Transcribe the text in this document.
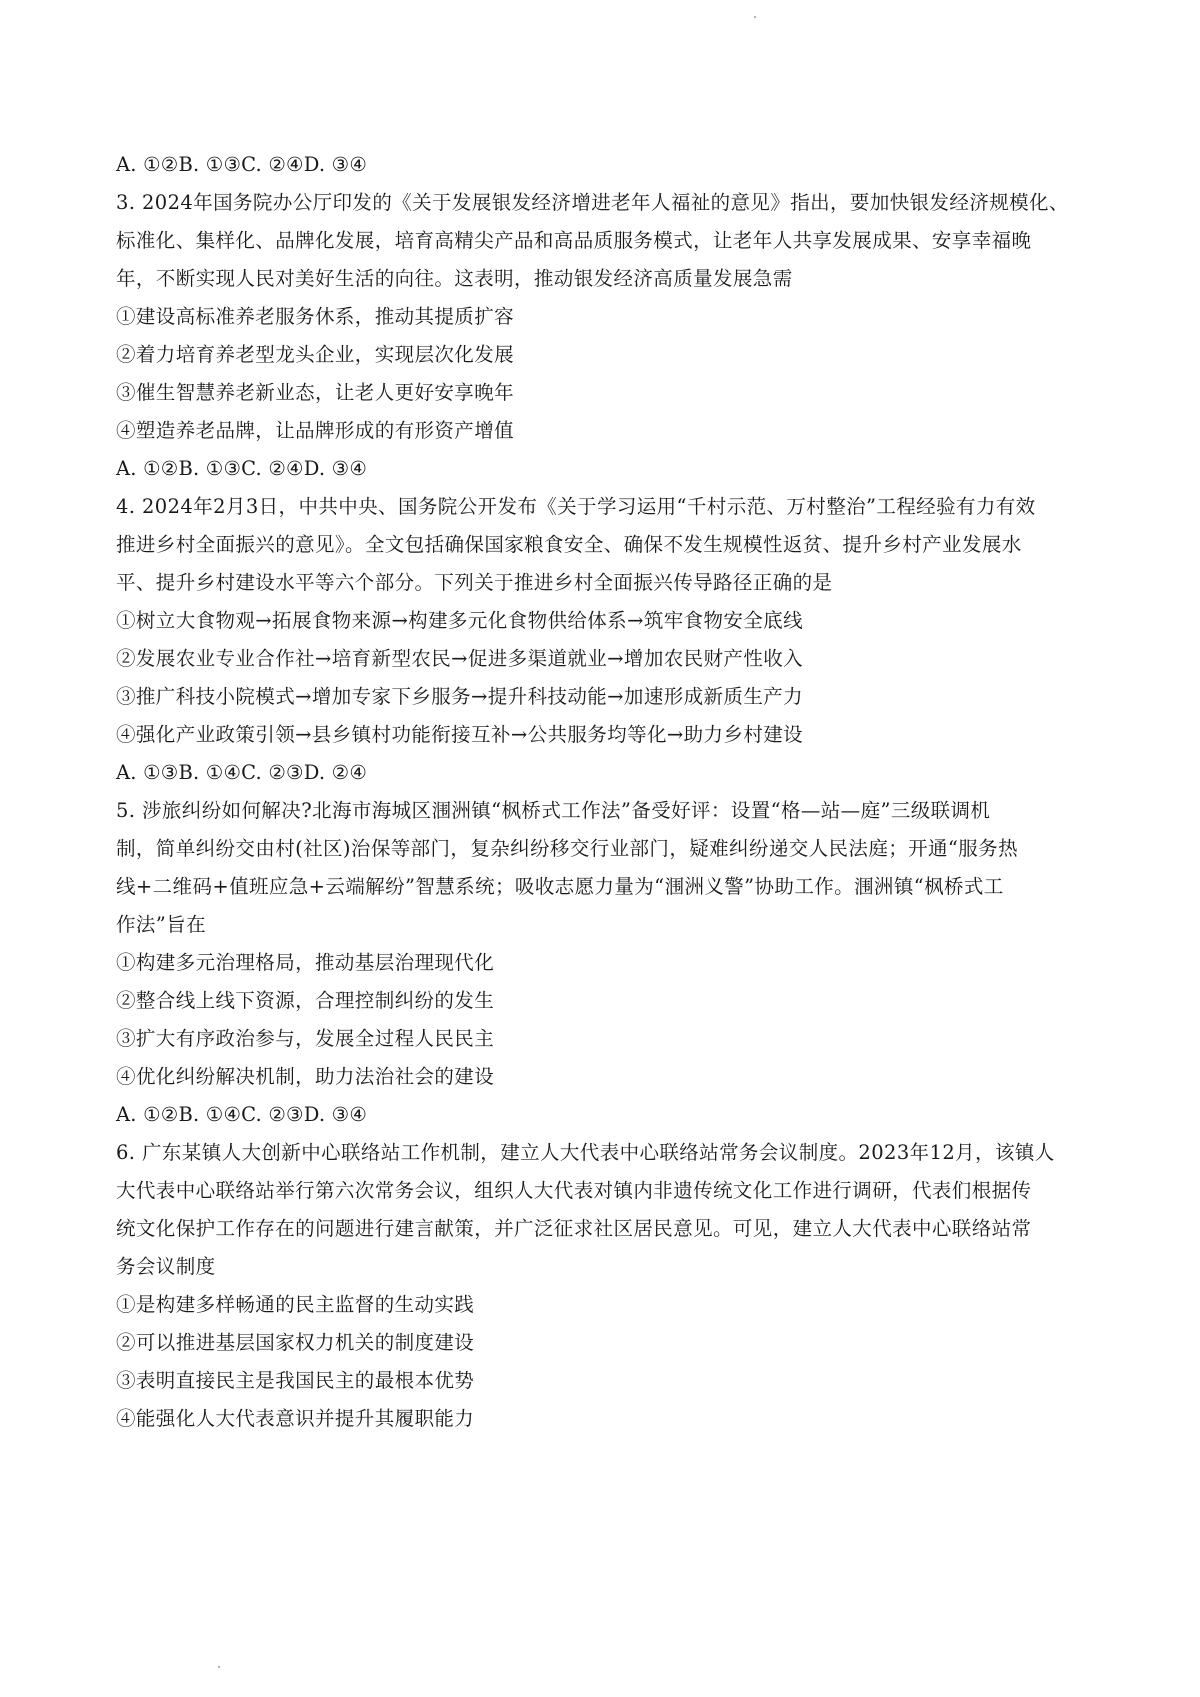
A. ①②B. ①③C. ②④D. ③④
3. 2024年国务院办公厅印发的《关于发展银发经济增进老年人福祉的意见》指出，要加快银发经济规模化、
标准化、集样化、品牌化发展，培育高精尖产品和高品质服务模式，让老年人共享发展成果、安享幸福晚
年，不断实现人民对美好生活的向往。这表明，推动银发经济高质量发展急需
①建设高标准养老服务休系，推动其提质扩容
②着力培育养老型龙头企业，实现层次化发展
③催生智慧养老新业态，让老人更好安享晚年
④塑造养老品牌，让品牌形成的有形资产增值
A. ①②B. ①③C. ②④D. ③④
4. 2024年2月3日，中共中央、国务院公开发布《关于学习运用“千村示范、万村整治”工程经验有力有效
推进乡村全面振兴的意见》。全文包括确保国家粮食安全、确保不发生规模性返贫、提升乡村产业发展水
平、提升乡村建设水平等六个部分。下列关于推进乡村全面振兴传导路径正确的是
①树立大食物观→拓展食物来源→构建多元化食物供给体系→筑牢食物安全底线
②发展农业专业合作社→培育新型农民→促进多渠道就业→增加农民财产性收入
③推广科技小院模式→增加专家下乡服务→提升科技动能→加速形成新质生产力
④强化产业政策引领→县乡镇村功能衔接互补→公共服务均等化→助力乡村建设
A. ①③B. ①④C. ②③D. ②④
5. 涉旅纠纷如何解决?北海市海城区涠洲镇“枫桥式工作法”备受好评：设置“格—站—庭”三级联调机
制，简单纠纷交由村(社区)治保等部门，复杂纠纷移交行业部门，疑难纠纷递交人民法庭；开通“服务热
线+二维码+值班应急+云端解纷”智慧系统；吸收志愿力量为“涠洲义警”协助工作。涠洲镇“枫桥式工
作法”旨在
①构建多元治理格局，推动基层治理现代化
②整合线上线下资源，合理控制纠纷的发生
③扩大有序政治参与，发展全过程人民民主
④优化纠纷解决机制，助力法治社会的建设
A. ①②B. ①④C. ②③D. ③④
6. 广东某镇人大创新中心联络站工作机制，建立人大代表中心联络站常务会议制度。2023年12月，该镇人
大代表中心联络站举行第六次常务会议，组织人大代表对镇内非遗传统文化工作进行调研，代表们根据传
统文化保护工作存在的问题进行建言献策，并广泛征求社区居民意见。可见，建立人大代表中心联络站常
务会议制度
①是构建多样畅通的民主监督的生动实践
②可以推进基层国家权力机关的制度建设
③表明直接民主是我国民主的最根本优势
④能强化人大代表意识并提升其履职能力
